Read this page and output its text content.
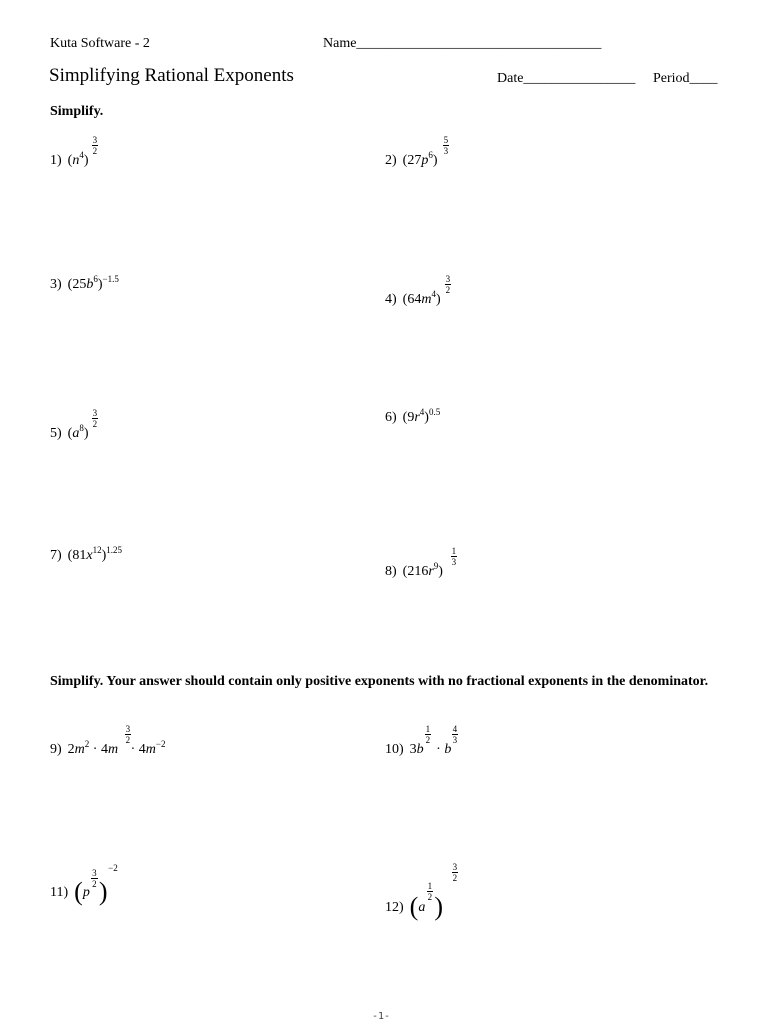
Kuta Software - 2	Name___________________________________
Simplifying Rational Exponents	Date________________ Period____
Simplify.
1) $(n^4)$
$\frac{3}{2}$
2) $(27p^6)$
$\frac{5}{3}$
3) $(25b^6)^{-1.5}$
4) $(64m^4)$
$\frac{3}{2}$
5) $(a^8)$
$\frac{3}{2}$	6) $(9r^4)^{0.5}$
7) $(81x^{12})^{1.25}$
8) $(216r^9)$
$\frac{1}{3}$
Simplify. Your answer should contain only positive exponents with no fractional exponents in the denominator.
9) $2m^2 \cdot 4m$
$\frac{3}{2}$
· $4m^{-2}$	10) 3b
$\frac{1}{2}$
· b
$\frac{4}{3}$
11) (p )
$\frac{3}{2} -2$
12) (a )
$\frac{1}{2}$
$\frac{3}{2}$
-1-
